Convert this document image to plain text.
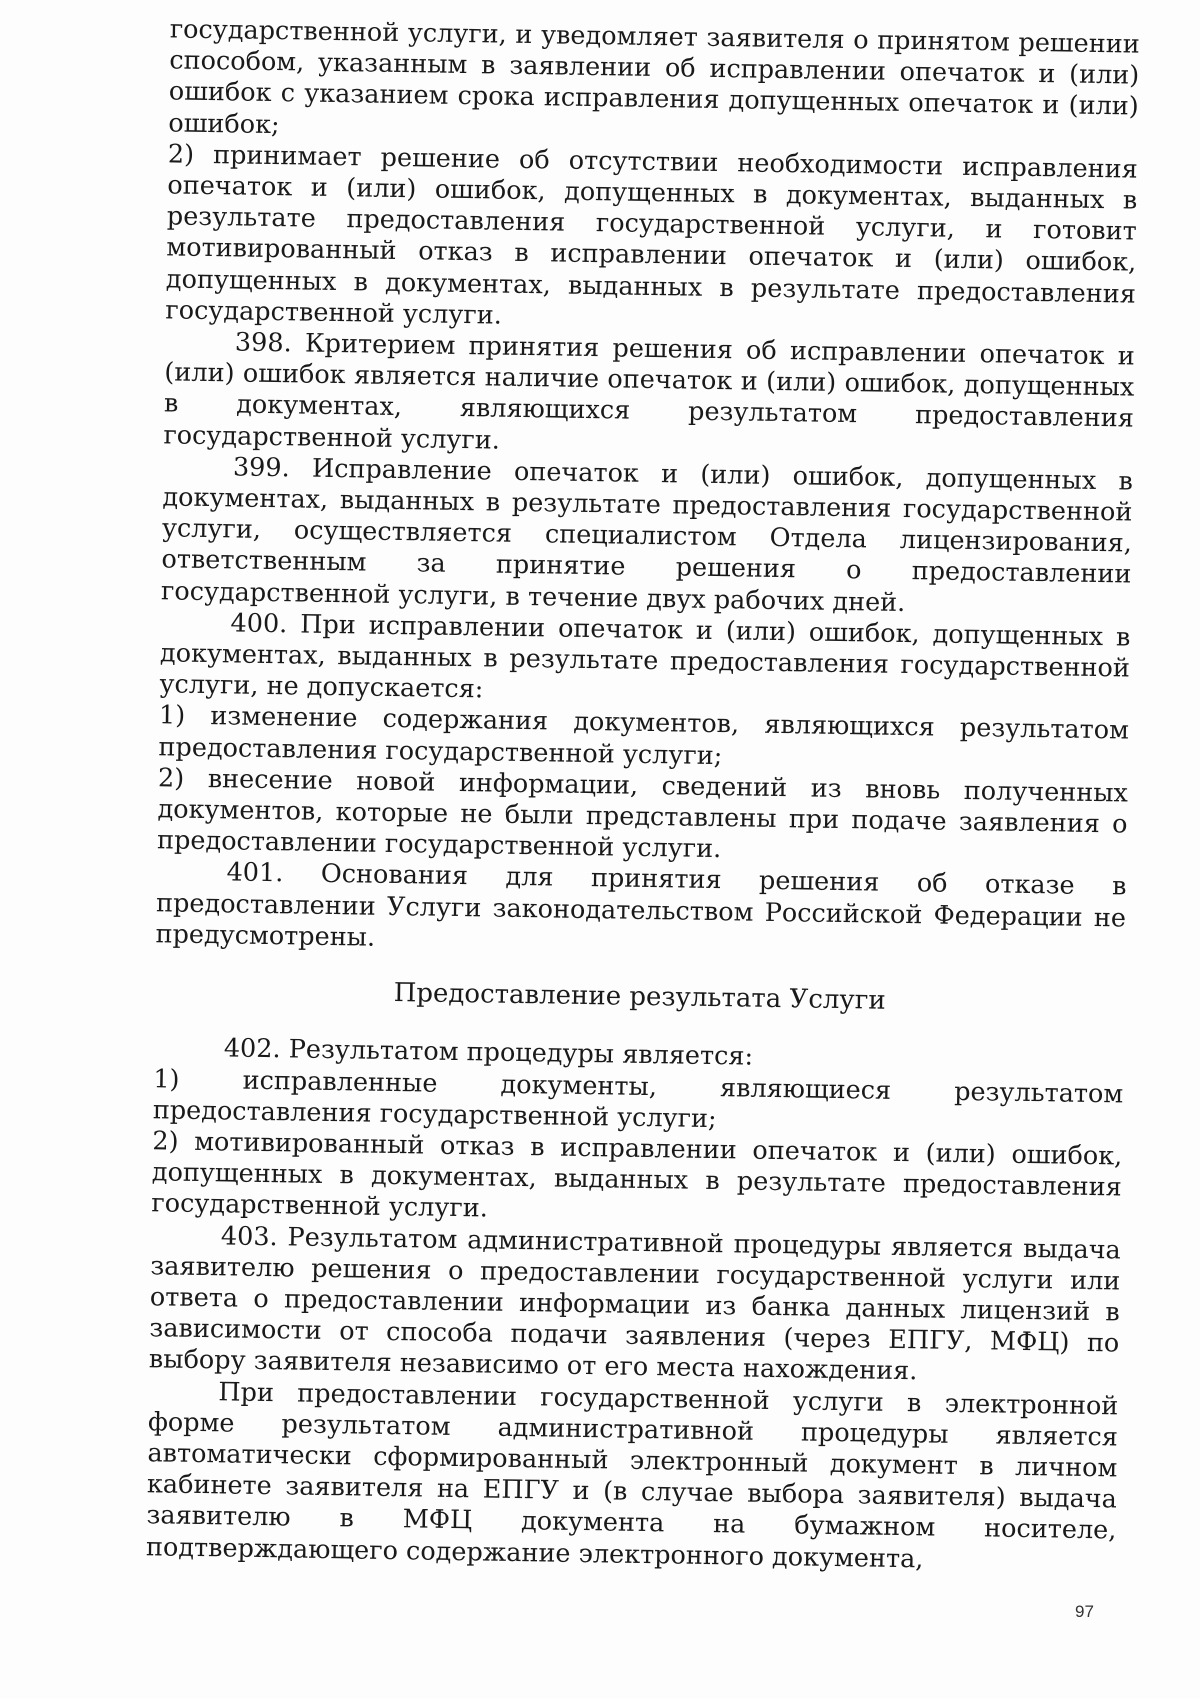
государственной услуги, и уведомляет заявителя о принятом решении способом, указанным в заявлении об исправлении опечаток и (или) ошибок с указанием срока исправления допущенных опечаток и (или) ошибок;

2) принимает решение об отсутствии необходимости исправления опечаток и (или) ошибок, допущенных в документах, выданных в результате предоставления государственной услуги, и готовит мотивированный отказ в исправлении опечаток и (или) ошибок, допущенных в документах, выданных в результате предоставления государственной услуги.

398. Критерием принятия решения об исправлении опечаток и (или) ошибок является наличие опечаток и (или) ошибок, допущенных в документах, являющихся результатом предоставления государственной услуги.

399. Исправление опечаток и (или) ошибок, допущенных в документах, выданных в результате предоставления государственной услуги, осуществляется специалистом Отдела лицензирования, ответственным за принятие решения о предоставлении государственной услуги, в течение двух рабочих дней.

400. При исправлении опечаток и (или) ошибок, допущенных в документах, выданных в результате предоставления государственной услуги, не допускается:

1) изменение содержания документов, являющихся результатом предоставления государственной услуги;

2) внесение новой информации, сведений из вновь полученных документов, которые не были представлены при подаче заявления о предоставлении государственной услуги.

401. Основания для принятия решения об отказе в предоставлении Услуги законодательством Российской Федерации не предусмотрены.

Предоставление результата Услуги

402. Результатом процедуры является:

1) исправленные документы, являющиеся результатом предоставления государственной услуги;

2) мотивированный отказ в исправлении опечаток и (или) ошибок, допущенных в документах, выданных в результате предоставления государственной услуги.

403. Результатом административной процедуры является выдача заявителю решения о предоставлении государственной услуги или ответа о предоставлении информации из банка данных лицензий в зависимости от способа подачи заявления (через ЕПГУ, МФЦ) по выбору заявителя независимо от его места нахождения.

При предоставлении государственной услуги в электронной форме результатом административной процедуры является автоматически сформированный электронный документ в личном кабинете заявителя на ЕПГУ и (в случае выбора заявителя) выдача заявителю в МФЦ документа на бумажном носителе, подтверждающего содержание электронного документа,

97
